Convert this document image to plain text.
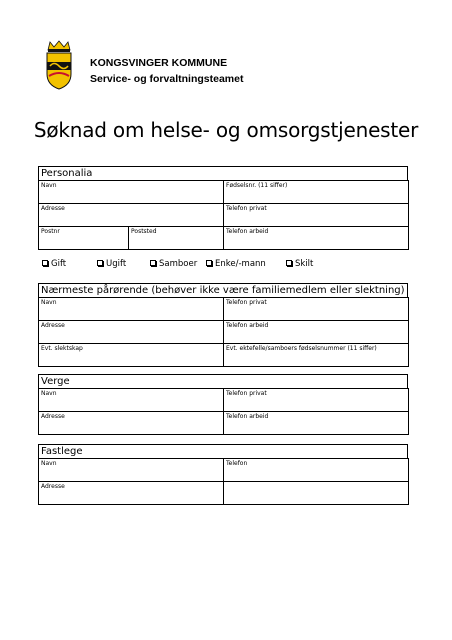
KONGSVINGER KOMMUNE
Service- og forvaltningsteamet
Søknad om helse- og omsorgstjenester
Personalia
Navn		Fødselsnr. (11 siffer)
Adresse		Telefon privat
Postnr	Poststed	Telefon arbeid
Gift	Ugift	Samboer	Enke/-mann	Skilt
Nærmeste pårørende (behøver ikke være familiemedlem eller slektning)
Navn	Telefon privat
Adresse	Telefon arbeid
Evt. slektskap	Evt. ektefelle/samboers fødselsnummer (11 siffer)
Verge
Navn	Telefon privat
Adresse	Telefon arbeid
Fastlege
Navn	Telefon
Adresse	
